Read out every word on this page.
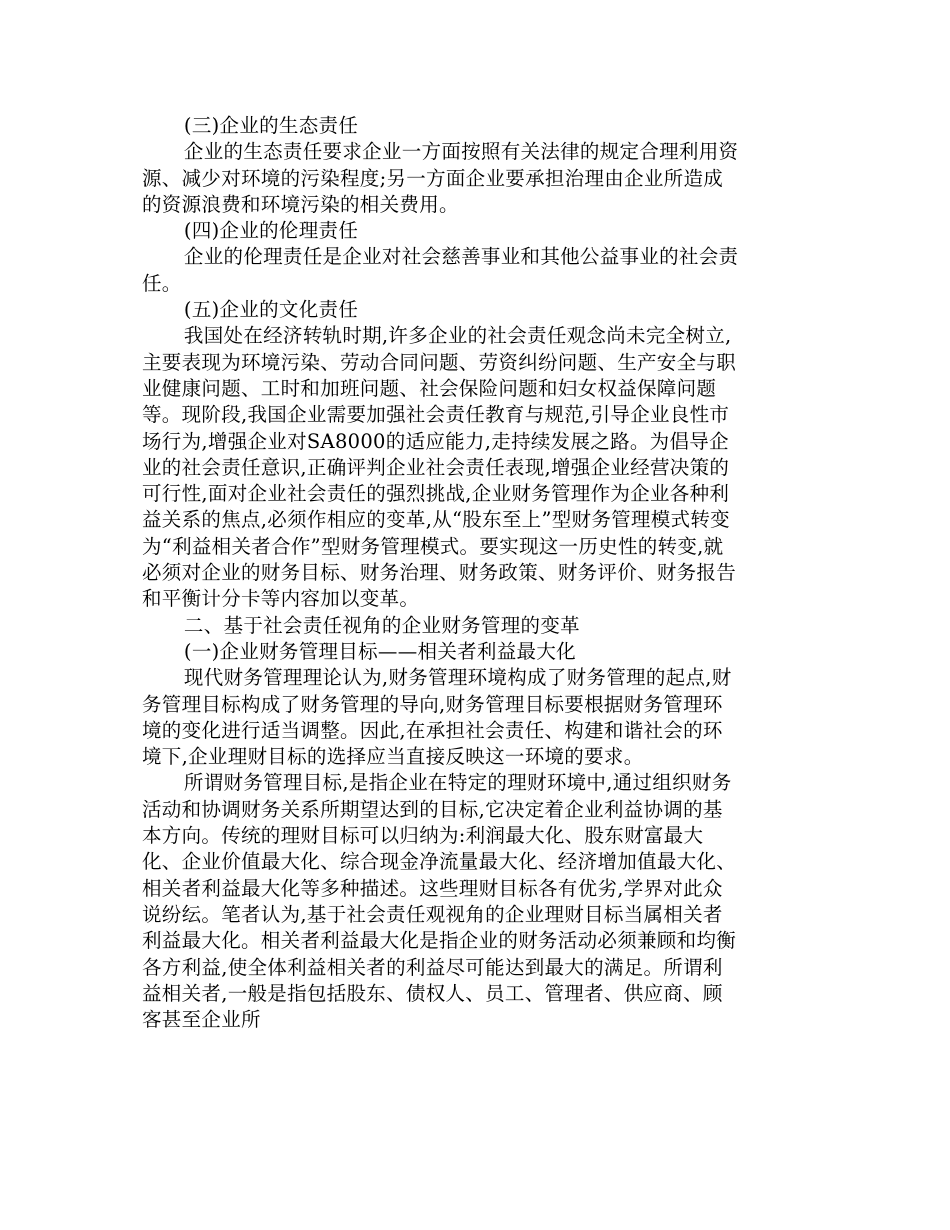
(三)企业的生态责任

企业的生态责任要求企业一方面按照有关法律的规定合理利用资源、减少对环境的污染程度;另一方面企业要承担治理由企业所造成的资源浪费和环境污染的相关费用。

(四)企业的伦理责任

企业的伦理责任是企业对社会慈善事业和其他公益事业的社会责任。

(五)企业的文化责任

我国处在经济转轨时期,许多企业的社会责任观念尚未完全树立,主要表现为环境污染、劳动合同问题、劳资纠纷问题、生产安全与职业健康问题、工时和加班问题、社会保险问题和妇女权益保障问题等。现阶段,我国企业需要加强社会责任教育与规范,引导企业良性市场行为,增强企业对SA8000的适应能力,走持续发展之路。为倡导企业的社会责任意识,正确评判企业社会责任表现,增强企业经营决策的可行性,面对企业社会责任的强烈挑战,企业财务管理作为企业各种利益关系的焦点,必须作相应的变革,从“股东至上”型财务管理模式转变为“利益相关者合作”型财务管理模式。要实现这一历史性的转变,就必须对企业的财务目标、财务治理、财务政策、财务评价、财务报告和平衡计分卡等内容加以变革。

二、基于社会责任视角的企业财务管理的变革

(一)企业财务管理目标——相关者利益最大化

现代财务管理理论认为,财务管理环境构成了财务管理的起点,财务管理目标构成了财务管理的导向,财务管理目标要根据财务管理环境的变化进行适当调整。因此,在承担社会责任、构建和谐社会的环境下,企业理财目标的选择应当直接反映这一环境的要求。

所谓财务管理目标,是指企业在特定的理财环境中,通过组织财务活动和协调财务关系所期望达到的目标,它决定着企业利益协调的基本方向。传统的理财目标可以归纳为:利润最大化、股东财富最大化、企业价值最大化、综合现金净流量最大化、经济增加值最大化、相关者利益最大化等多种描述。这些理财目标各有优劣,学界对此众说纷纭。笔者认为,基于社会责任观视角的企业理财目标当属相关者利益最大化。相关者利益最大化是指企业的财务活动必须兼顾和均衡各方利益,使全体利益相关者的利益尽可能达到最大的满足。所谓利益相关者,一般是指包括股东、债权人、员工、管理者、供应商、顾客甚至企业所
